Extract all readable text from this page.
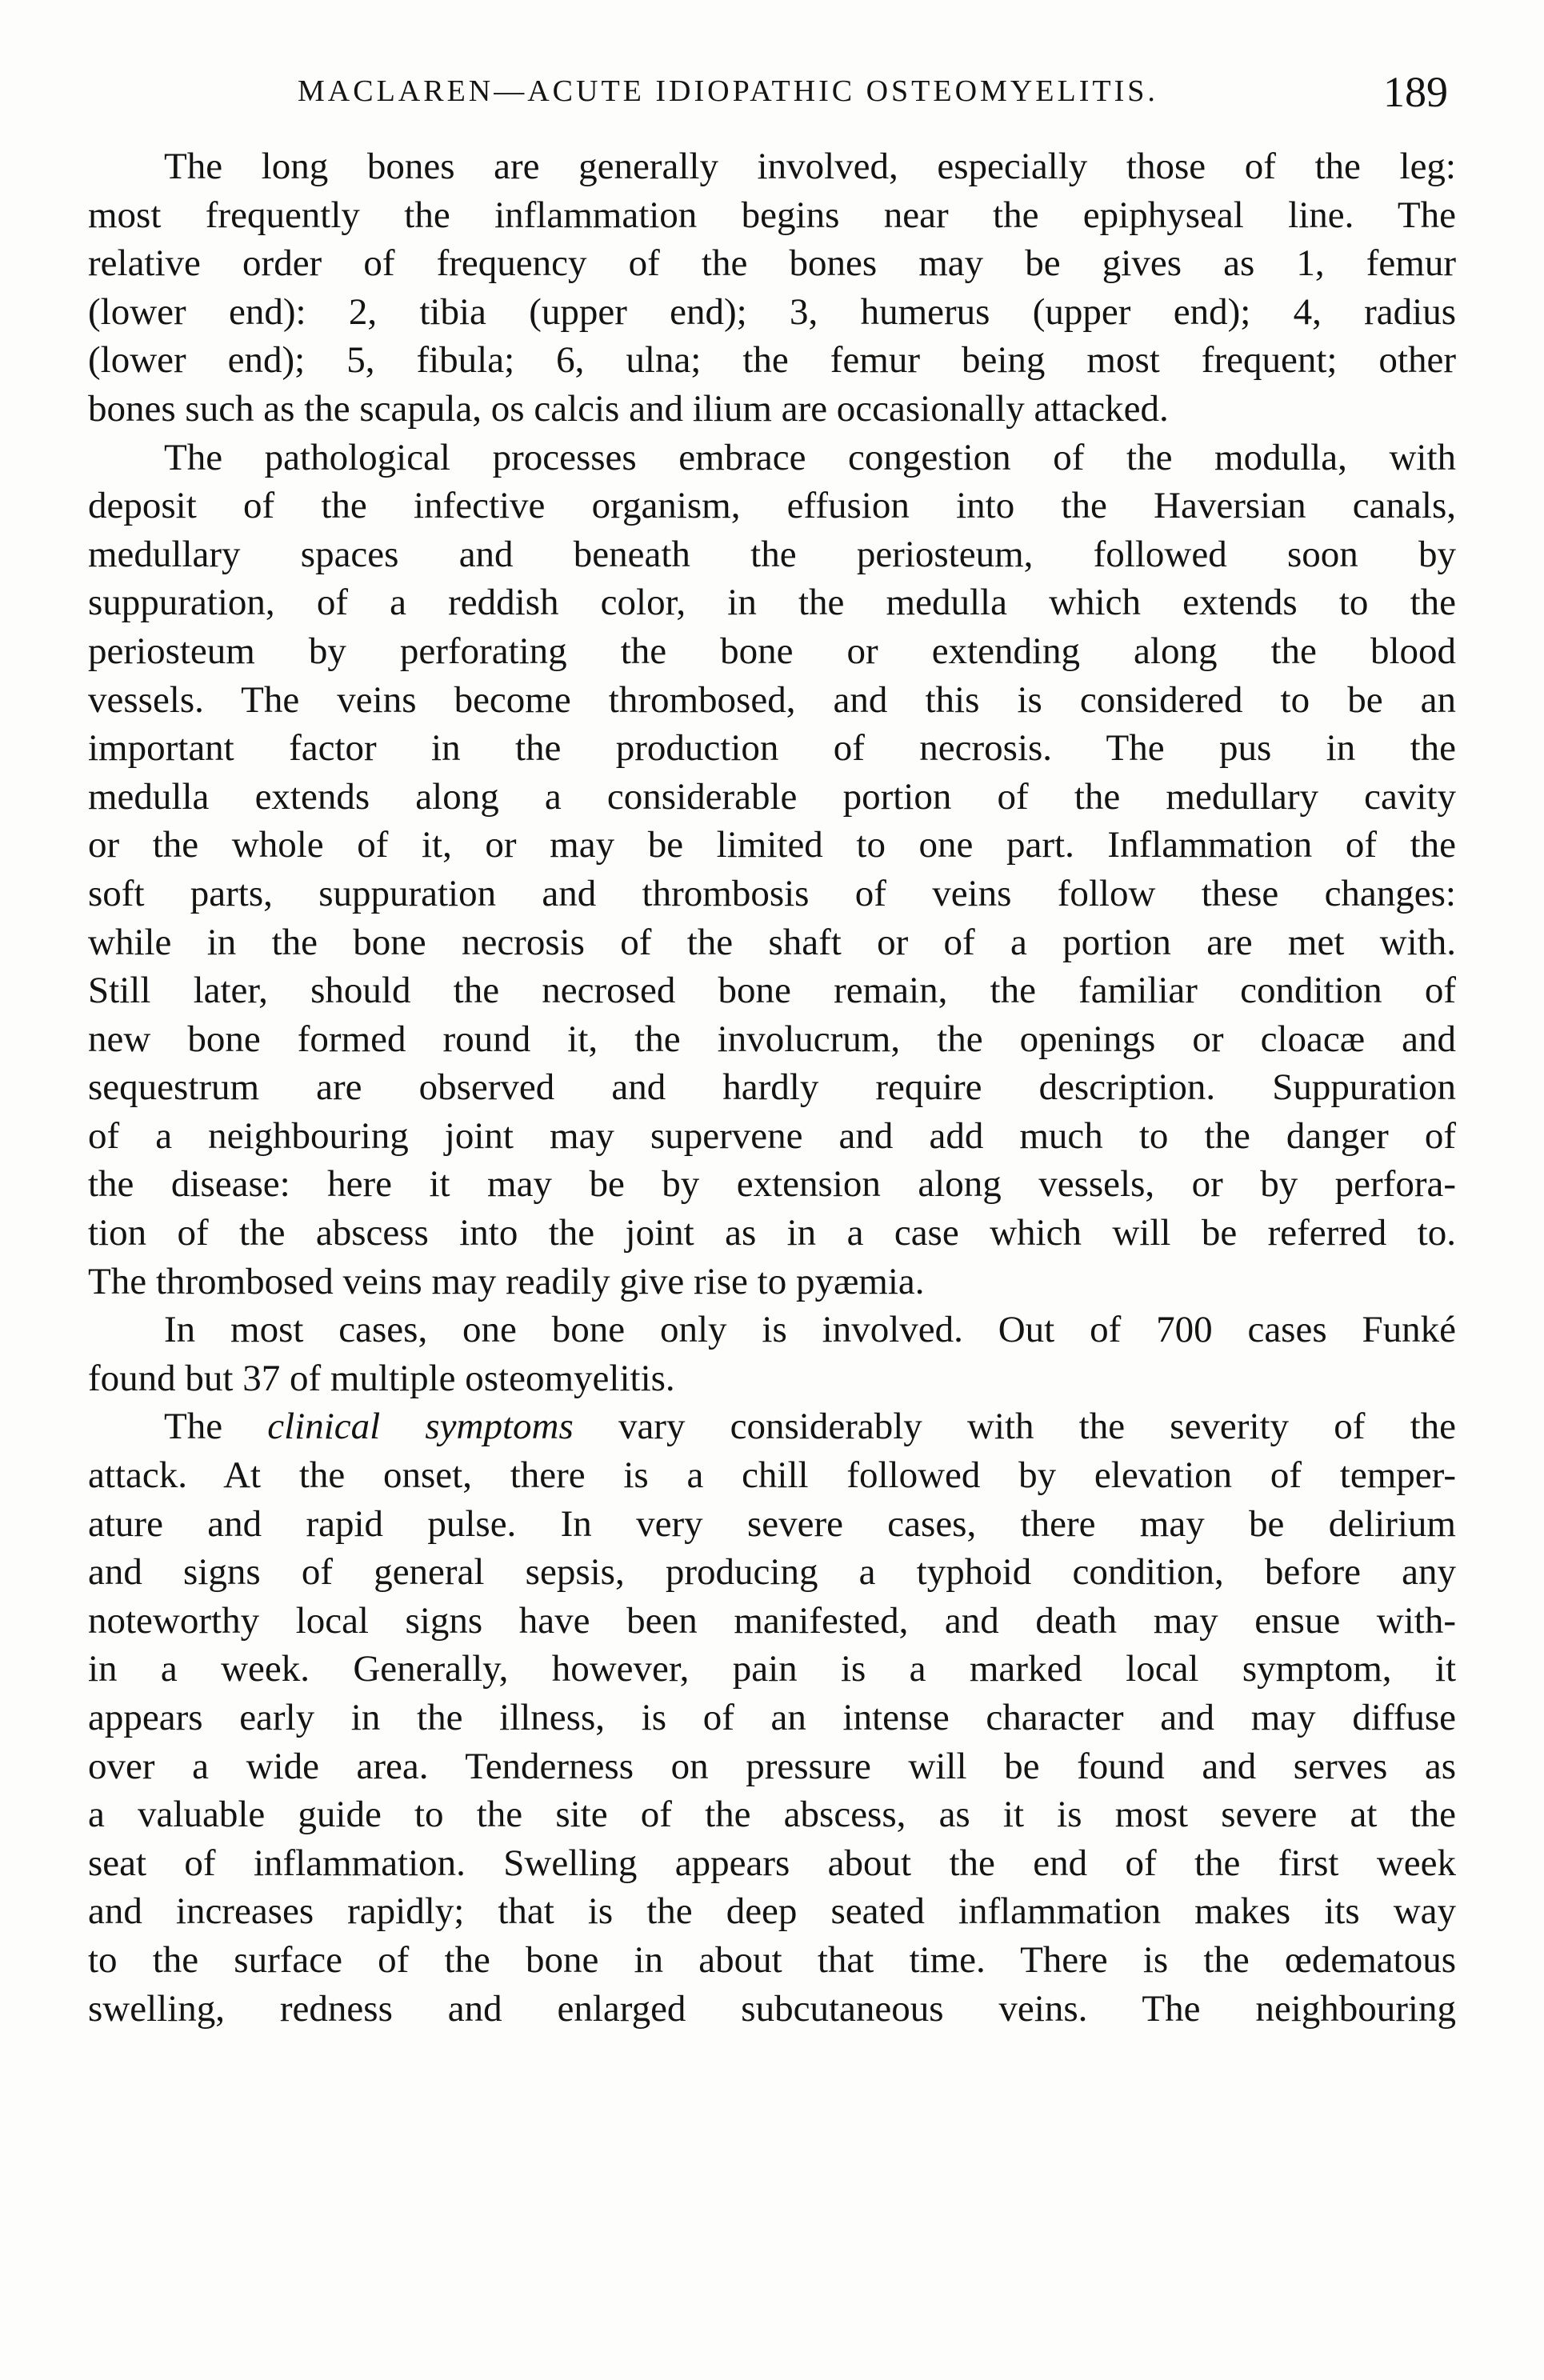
MACLAREN—ACUTE IDIOPATHIC OSTEOMYELITIS.	189
The long bones are generally involved, especially those of the leg:
most frequently the inflammation begins near the epiphyseal line. The
relative order of frequency of the bones may be gives as 1, femur
(lower end): 2, tibia (upper end); 3, humerus (upper end); 4, radius
(lower end); 5, fibula; 6, ulna; the femur being most frequent; other
bones such as the scapula, os calcis and ilium are occasionally attacked.
The pathological processes embrace congestion of the modulla, with
deposit of the infective organism, effusion into the Haversian canals,
medullary spaces and beneath the periosteum, followed soon by
suppuration, of a reddish color, in the medulla which extends to the
periosteum by perforating the bone or extending along the blood
vessels. The veins become thrombosed, and this is considered to be an
important factor in the production of necrosis. The pus in the
medulla extends along a considerable portion of the medullary cavity
or the whole of it, or may be limited to one part. Inflammation of the
soft parts, suppuration and thrombosis of veins follow these changes:
while in the bone necrosis of the shaft or of a portion are met with.
Still later, should the necrosed bone remain, the familiar condition of
new bone formed round it, the involucrum, the openings or cloacæ and
sequestrum are observed and hardly require description. Suppuration
of a neighbouring joint may supervene and add much to the danger of
the disease: here it may be by extension along vessels, or by perfora-
tion of the abscess into the joint as in a case which will be referred to.
The thrombosed veins may readily give rise to pyæmia.
In most cases, one bone only is involved. Out of 700 cases Funké
found but 37 of multiple osteomyelitis.
The clinical symptoms vary considerably with the severity of the
attack. At the onset, there is a chill followed by elevation of temper-
ature and rapid pulse. In very severe cases, there may be delirium
and signs of general sepsis, producing a typhoid condition, before any
noteworthy local signs have been manifested, and death may ensue with-
in a week. Generally, however, pain is a marked local symptom, it
appears early in the illness, is of an intense character and may diffuse
over a wide area. Tenderness on pressure will be found and serves as
a valuable guide to the site of the abscess, as it is most severe at the
seat of inflammation. Swelling appears about the end of the first week
and increases rapidly; that is the deep seated inflammation makes its way
to the surface of the bone in about that time. There is the œdematous
swelling, redness and enlarged subcutaneous veins. The neighbouring
